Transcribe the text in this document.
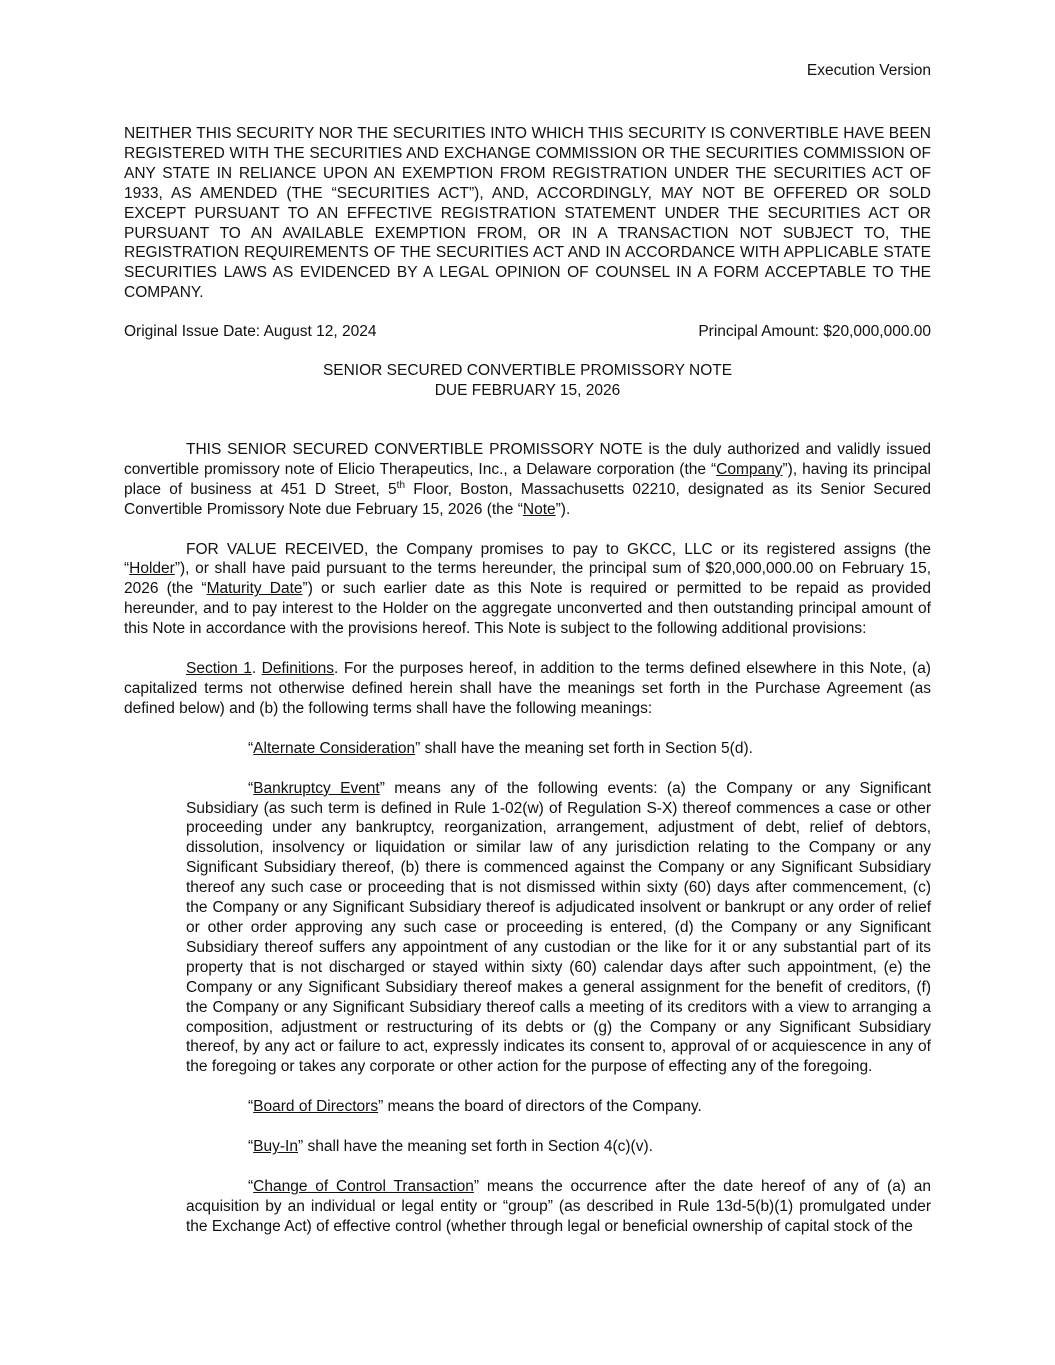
Execution Version

NEITHER THIS SECURITY NOR THE SECURITIES INTO WHICH THIS SECURITY IS CONVERTIBLE HAVE BEEN REGISTERED WITH THE SECURITIES AND EXCHANGE COMMISSION OR THE SECURITIES COMMISSION OF ANY STATE IN RELIANCE UPON AN EXEMPTION FROM REGISTRATION UNDER THE SECURITIES ACT OF 1933, AS AMENDED (THE “SECURITIES ACT”), AND, ACCORDINGLY, MAY NOT BE OFFERED OR SOLD EXCEPT PURSUANT TO AN EFFECTIVE REGISTRATION STATEMENT UNDER THE SECURITIES ACT OR PURSUANT TO AN AVAILABLE EXEMPTION FROM, OR IN A TRANSACTION NOT SUBJECT TO, THE REGISTRATION REQUIREMENTS OF THE SECURITIES ACT AND IN ACCORDANCE WITH APPLICABLE STATE SECURITIES LAWS AS EVIDENCED BY A LEGAL OPINION OF COUNSEL IN A FORM ACCEPTABLE TO THE COMPANY.

Original Issue Date: August 12, 2024	Principal Amount: $20,000,000.00
SENIOR SECURED CONVERTIBLE PROMISSORY NOTE
DUE FEBRUARY 15, 2026

THIS SENIOR SECURED CONVERTIBLE PROMISSORY NOTE is the duly authorized and validly issued convertible promissory note of Elicio Therapeutics, Inc., a Delaware corporation (the “Company”), having its principal place of business at 451 D Street, 5th Floor, Boston, Massachusetts 02210, designated as its Senior Secured Convertible Promissory Note due February 15, 2026 (the “Note”).

FOR VALUE RECEIVED, the Company promises to pay to GKCC, LLC or its registered assigns (the “Holder”), or shall have paid pursuant to the terms hereunder, the principal sum of $20,000,000.00 on February 15, 2026 (the “Maturity Date”) or such earlier date as this Note is required or permitted to be repaid as provided hereunder, and to pay interest to the Holder on the aggregate unconverted and then outstanding principal amount of this Note in accordance with the provisions hereof. This Note is subject to the following additional provisions:

Section 1. Definitions. For the purposes hereof, in addition to the terms defined elsewhere in this Note, (a) capitalized terms not otherwise defined herein shall have the meanings set forth in the Purchase Agreement (as defined below) and (b) the following terms shall have the following meanings:

“Alternate Consideration” shall have the meaning set forth in Section 5(d).

“Bankruptcy Event” means any of the following events: (a) the Company or any Significant Subsidiary (as such term is defined in Rule 1-02(w) of Regulation S-X) thereof commences a case or other proceeding under any bankruptcy, reorganization, arrangement, adjustment of debt, relief of debtors, dissolution, insolvency or liquidation or similar law of any jurisdiction relating to the Company or any Significant Subsidiary thereof, (b) there is commenced against the Company or any Significant Subsidiary thereof any such case or proceeding that is not dismissed within sixty (60) days after commencement, (c) the Company or any Significant Subsidiary thereof is adjudicated insolvent or bankrupt or any order of relief or other order approving any such case or proceeding is entered, (d) the Company or any Significant Subsidiary thereof suffers any appointment of any custodian or the like for it or any substantial part of its property that is not discharged or stayed within sixty (60) calendar days after such appointment, (e) the Company or any Significant Subsidiary thereof makes a general assignment for the benefit of creditors, (f) the Company or any Significant Subsidiary thereof calls a meeting of its creditors with a view to arranging a composition, adjustment or restructuring of its debts or (g) the Company or any Significant Subsidiary thereof, by any act or failure to act, expressly indicates its consent to, approval of or acquiescence in any of the foregoing or takes any corporate or other action for the purpose of effecting any of the foregoing.

“Board of Directors” means the board of directors of the Company.

“Buy-In” shall have the meaning set forth in Section 4(c)(v).

“Change of Control Transaction” means the occurrence after the date hereof of any of (a) an acquisition by an individual or legal entity or “group” (as described in Rule 13d-5(b)(1) promulgated under the Exchange Act) of effective control (whether through legal or beneficial ownership of capital stock of the
